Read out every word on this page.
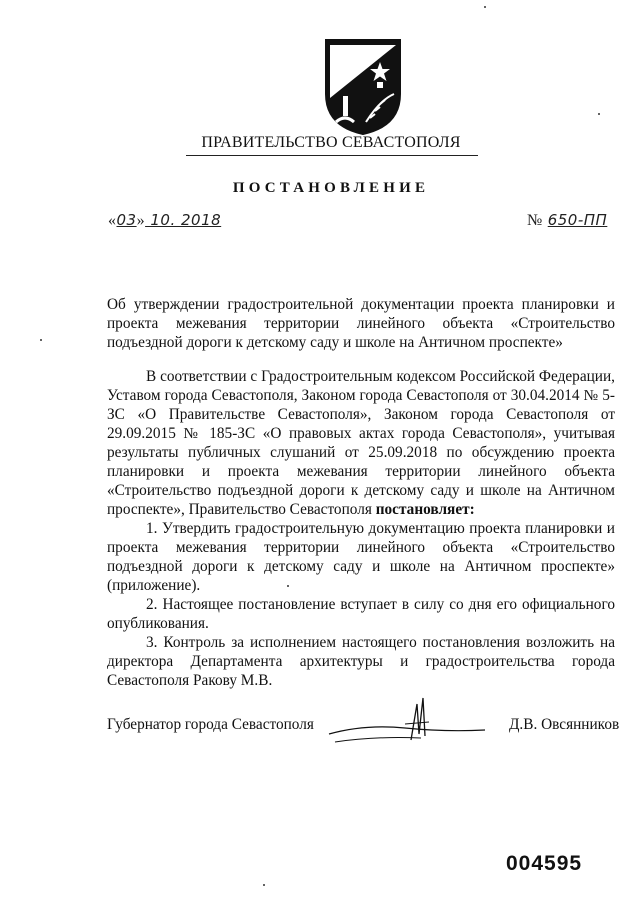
ПРАВИТЕЛЬСТВО СЕВАСТОПОЛЯ
ПОСТАНОВЛЕНИЕ
«03» 10. 2018	№ 650-ПП
Об утверждении градостроительной документации проекта планировки и проекта межевания территории линейного объекта «Строительство подъездной дороги к детскому саду и школе на Античном проспекте»
В соответствии с Градостроительным кодексом Российской Федерации, Уставом города Севастополя, Законом города Севастополя от 30.04.2014 № 5-ЗС «О Правительстве Севастополя», Законом города Севастополя от 29.09.2015 № 185-ЗС «О правовых актах города Севастополя», учитывая результаты публичных слушаний от 25.09.2018 по обсуждению проекта планировки и проекта межевания территории линейного объекта «Строительство подъездной дороги к детскому саду и школе на Античном проспекте», Правительство Севастополя постановляет:
1. Утвердить градостроительную документацию проекта планировки и проекта межевания территории линейного объекта «Строительство подъездной дороги к детскому саду и школе на Античном проспекте» (приложение).
2. Настоящее постановление вступает в силу со дня его официального опубликования.
3. Контроль за исполнением настоящего постановления возложить на директора Департамента архитектуры и градостроительства города Севастополя Ракову М.В.
Губернатор города Севастополя	Д.В. Овсянников
004595
